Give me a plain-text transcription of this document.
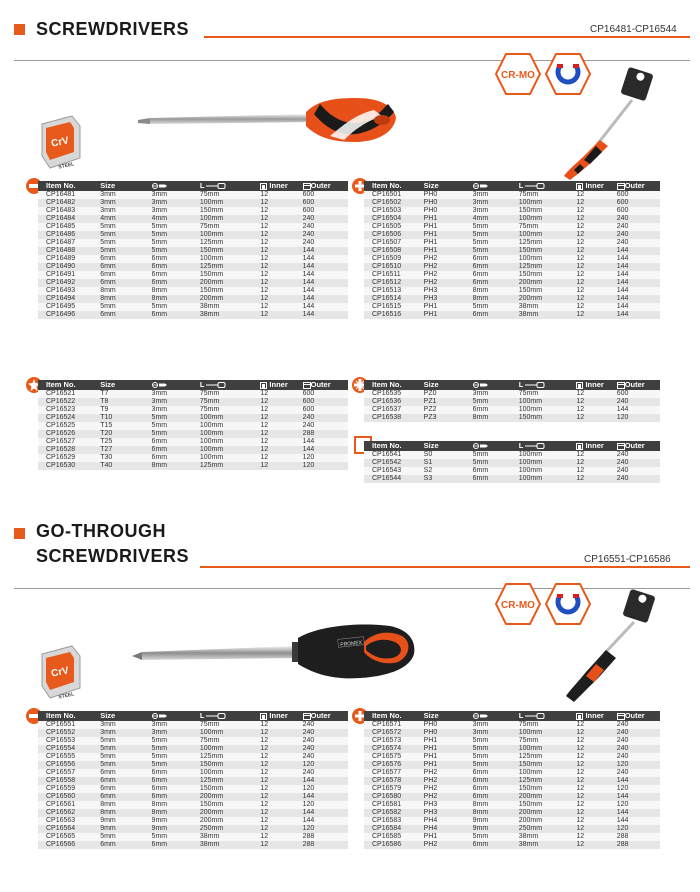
SCREWDRIVERS	CP16481-CP16544
CrV
STEEL
CR-MO
Item No.	Size		L	Inner	Outer
CP16481	3mm	3mm	75mm	12	600
CP16482	3mm	3mm	100mm	12	600
CP16483	3mm	3mm	150mm	12	600
CP16484	4mm	4mm	100mm	12	240
CP16485	5mm	5mm	75mm	12	240
CP16486	5mm	5mm	100mm	12	240
CP16487	5mm	5mm	125mm	12	240
CP16488	5mm	5mm	150mm	12	144
CP16489	6mm	6mm	100mm	12	144
CP16490	6mm	6mm	125mm	12	144
CP16491	6mm	6mm	150mm	12	144
CP16492	6mm	6mm	200mm	12	144
CP16493	8mm	8mm	150mm	12	144
CP16494	8mm	8mm	200mm	12	144
CP16495	5mm	5mm	38mm	12	144
CP16496	6mm	6mm	38mm	12	144
Item No.	Size		L	Inner	Outer
CP16501	PH0	3mm	75mm	12	600
CP16502	PH0	3mm	100mm	12	600
CP16503	PH0	3mm	150mm	12	600
CP16504	PH1	4mm	100mm	12	240
CP16505	PH1	5mm	75mm	12	240
CP16506	PH1	5mm	100mm	12	240
CP16507	PH1	5mm	125mm	12	240
CP16508	PH1	5mm	150mm	12	144
CP16509	PH2	6mm	100mm	12	144
CP16510	PH2	6mm	125mm	12	144
CP16511	PH2	6mm	150mm	12	144
CP16512	PH2	6mm	200mm	12	144
CP16513	PH3	8mm	150mm	12	144
CP16514	PH3	8mm	200mm	12	144
CP16515	PH1	5mm	38mm	12	144
CP16516	PH1	6mm	38mm	12	144
Item No.	Size		L	Inner	Outer
CP16521	T7	3mm	75mm	12	600
CP16522	T8	3mm	75mm	12	600
CP16523	T9	3mm	75mm	12	600
CP16524	T10	5mm	100mm	12	240
CP16525	T15	5mm	100mm	12	240
CP16526	T20	5mm	100mm	12	288
CP16527	T25	6mm	100mm	12	144
CP16528	T27	6mm	100mm	12	144
CP16529	T30	6mm	100mm	12	120
CP16530	T40	8mm	125mm	12	120
Item No.	Size		L	Inner	Outer
CP16535	PZ0	3mm	75mm	12	600
CP16536	PZ1	5mm	100mm	12	240
CP16537	PZ2	6mm	100mm	12	144
CP16538	PZ3	8mm	150mm	12	120
Item No.	Size		L	Inner	Outer
CP16541	S0	5mm	100mm	12	240
CP16542	S1	5mm	100mm	12	240
CP16543	S2	6mm	100mm	12	240
CP16544	S3	6mm	100mm	12	240
GO-THROUGH
SCREWDRIVERS	CP16551-CP16586
CrV
STEEL
PROMEX
CR-MO
Item No.	Size		L	Inner	Outer
CP16551	3mm	3mm	75mm	12	240
CP16552	3mm	3mm	100mm	12	240
CP16553	5mm	5mm	75mm	12	240
CP16554	5mm	5mm	100mm	12	240
CP16555	5mm	5mm	125mm	12	240
CP16556	5mm	5mm	150mm	12	120
CP16557	6mm	6mm	100mm	12	240
CP16558	6mm	6mm	125mm	12	144
CP16559	6mm	6mm	150mm	12	120
CP16560	6mm	6mm	200mm	12	144
CP16561	8mm	8mm	150mm	12	120
CP16562	8mm	8mm	200mm	12	144
CP16563	9mm	9mm	200mm	12	144
CP16564	9mm	9mm	250mm	12	120
CP16565	5mm	5mm	38mm	12	288
CP16566	6mm	6mm	38mm	12	288
Item No.	Size		L	Inner	Outer
CP16571	PH0	3mm	75mm	12	240
CP16572	PH0	3mm	100mm	12	240
CP16573	PH1	5mm	75mm	12	240
CP16574	PH1	5mm	100mm	12	240
CP16575	PH1	5mm	125mm	12	240
CP16576	PH1	5mm	150mm	12	120
CP16577	PH2	6mm	100mm	12	240
CP16578	PH2	6mm	125mm	12	144
CP16579	PH2	6mm	150mm	12	120
CP16580	PH2	6mm	200mm	12	144
CP16581	PH3	8mm	150mm	12	120
CP16582	PH3	8mm	200mm	12	144
CP16583	PH4	9mm	200mm	12	144
CP16584	PH4	9mm	250mm	12	120
CP16585	PH1	5mm	38mm	12	288
CP16586	PH2	6mm	38mm	12	288
